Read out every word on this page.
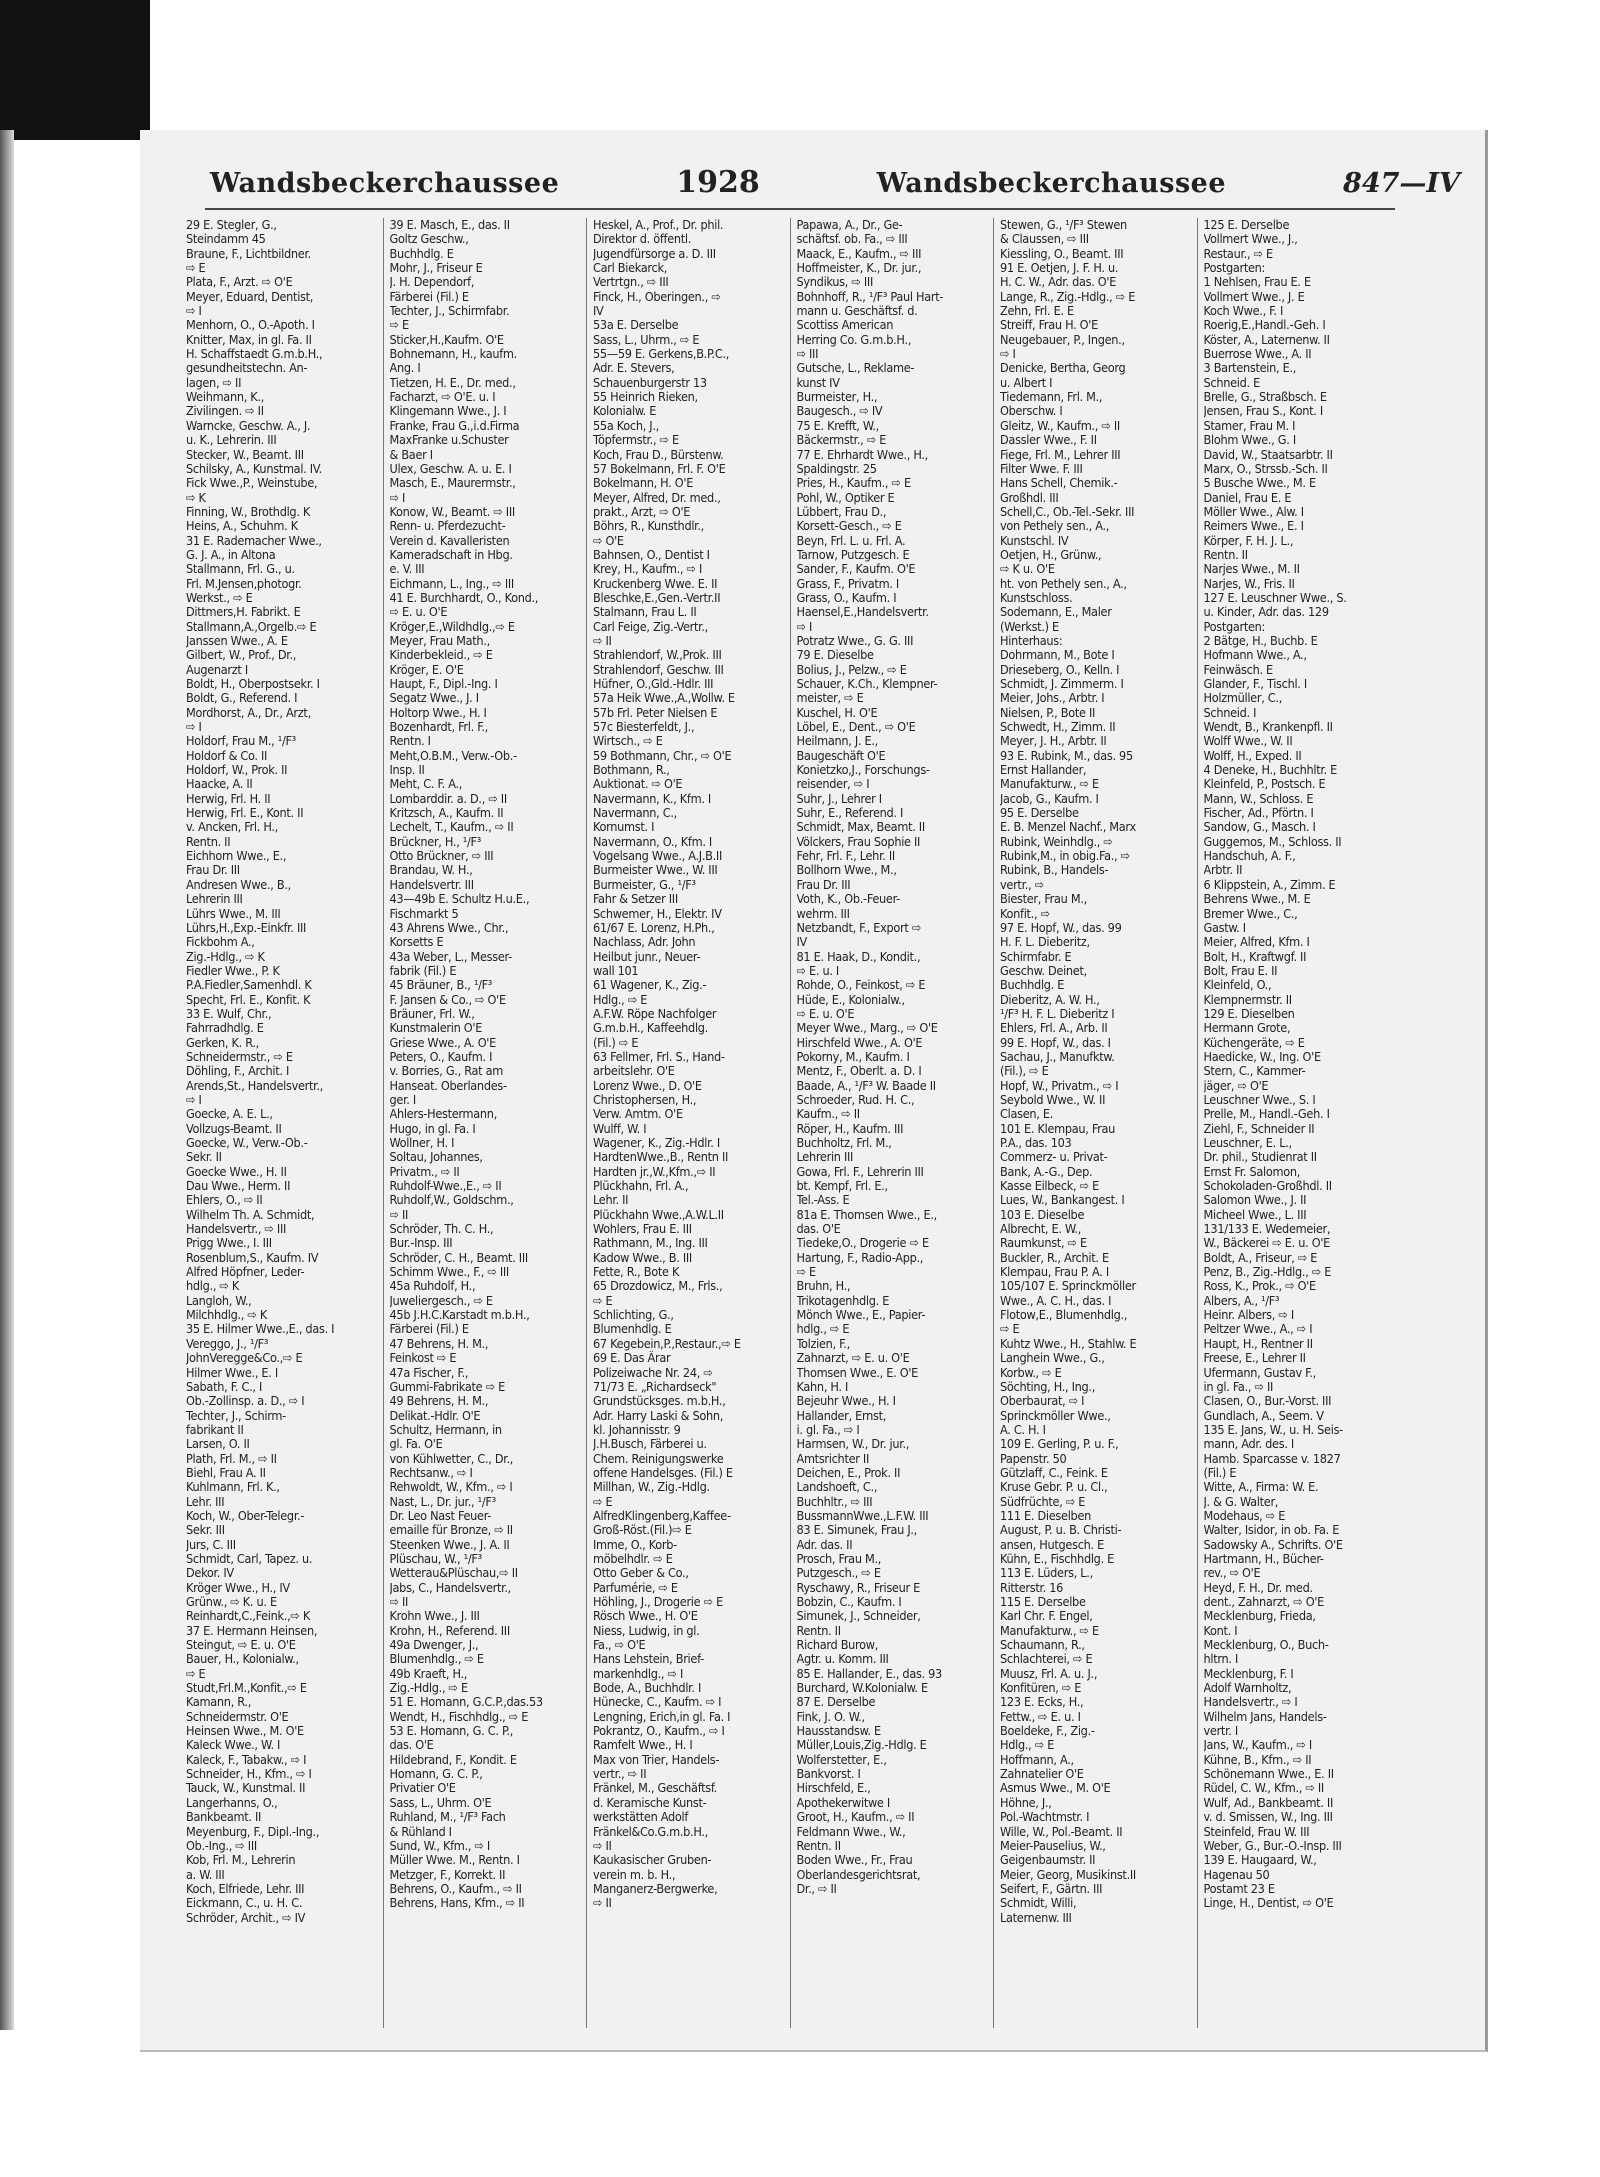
Wandsbeckerchaussee	1928	Wandsbeckerchaussee	847—IV
29 E. Stegler, G.,
Steindamm 45
Braune, F., Lichtbildner.
⇨ E
Plata, F., Arzt. ⇨ O'E
Meyer, Eduard, Dentist,
⇨ I
Menhorn, O., O.-Apoth. I
Knitter, Max, in gl. Fa. II
H. Schaffstaedt G.m.b.H.,
gesundheitstechn. An-
lagen, ⇨ II
Weihmann, K.,
Zivilingen. ⇨ II
Warncke, Geschw. A., J.
u. K., Lehrerin. III
Stecker, W., Beamt. III
Schilsky, A., Kunstmal. IV.
Fick Wwe.,P., Weinstube,
⇨ K
Finning, W., Brothdlg. K
Heins, A., Schuhm. K
31 E. Rademacher Wwe.,
G. J. A., in Altona
Stallmann, Frl. G., u.
Frl. M.Jensen,photogr.
Werkst., ⇨ E
Dittmers,H. Fabrikt. E
Stallmann,A.,Orgelb.⇨ E
Janssen Wwe., A. E
Gilbert, W., Prof., Dr.,
Augenarzt I
Boldt, H., Oberpostsekr. I
Boldt, G., Referend. I
Mordhorst, A., Dr., Arzt,
⇨ I
Holdorf, Frau M., ¹/F³
Holdorf & Co. II
Holdorf, W., Prok. II
Haacke, A. II
Herwig, Frl. H. II
Herwig, Frl. E., Kont. II
v. Ancken, Frl. H.,
Rentn. II
Eichhorn Wwe., E.,
Frau Dr. III
Andresen Wwe., B.,
Lehrerin III
Lührs Wwe., M. III
Lührs,H.,Exp.-Einkfr. III
Fickbohm A.,
Zig.-Hdlg., ⇨ K
Fiedler Wwe., P. K
P.A.Fiedler,Samenhdl. K
Specht, Frl. E., Konfit. K
33 E. Wulf, Chr.,
Fahrradhdlg. E
Gerken, K. R.,
Schneidermstr., ⇨ E
Döhling, F., Archit. I
Arends,St., Handelsvertr.,
⇨ I
Goecke, A. E. L.,
Vollzugs-Beamt. II
Goecke, W., Verw.-Ob.-
Sekr. II
Goecke Wwe., H. II
Dau Wwe., Herm. II
Ehlers, O., ⇨ II
Wilhelm Th. A. Schmidt,
Handelsvertr., ⇨ III
Prigg Wwe., I. III
Rosenblum,S., Kaufm. IV
Alfred Höpfner, Leder-
hdlg., ⇨ K
Langloh, W.,
Milchhdlg., ⇨ K
35 E. Hilmer Wwe.,E., das. I
Vereggo, J., ¹/F³
JohnVeregge&Co.,⇨ E
Hilmer Wwe., E. I
Sabath, F. C., I
Ob.-Zollinsp. a. D., ⇨ I
Techter, J., Schirm-
fabrikant II
Larsen, O. II
Plath, Frl. M., ⇨ II
Biehl, Frau A. II
Kuhlmann, Frl. K.,
Lehr. III
Koch, W., Ober-Telegr.-
Sekr. III
Jurs, C. III
Schmidt, Carl, Tapez. u.
Dekor. IV
Kröger Wwe., H., IV
Grünw., ⇨ K. u. E
Reinhardt,C.,Feink.,⇨ K
37 E. Hermann Heinsen,
Steingut, ⇨ E. u. O'E
Bauer, H., Kolonialw.,
⇨ E
Studt,Frl.M.,Konfit.,⇨ E
Kamann, R.,
Schneidermstr. O'E
Heinsen Wwe., M. O'E
Kaleck Wwe., W. I
Kaleck, F., Tabakw., ⇨ I
Schneider, H., Kfm., ⇨ I
Tauck, W., Kunstmal. II
Langerhanns, O.,
Bankbeamt. II
Meyenburg, F., Dipl.-Ing.,
Ob.-Ing., ⇨ III
Kob, Frl. M., Lehrerin
a. W. III
Koch, Elfriede, Lehr. III
Eickmann, C., u. H. C.
Schröder, Archit., ⇨ IV
39 E. Masch, E., das. II
Goltz Geschw.,
Buchhdlg. E
Mohr, J., Friseur E
J. H. Dependorf,
Färberei (Fil.) E
Techter, J., Schirmfabr.
⇨ E
Sticker,H.,Kaufm. O'E
Bohnemann, H., kaufm.
Ang. I
Tietzen, H. E., Dr. med.,
Facharzt, ⇨ O'E. u. I
Klingemann Wwe., J. I
Franke, Frau G.,i.d.Firma
MaxFranke u.Schuster
& Baer I
Ulex, Geschw. A. u. E. I
Masch, E., Maurermstr.,
⇨ I
Konow, W., Beamt. ⇨ III
Renn- u. Pferdezucht-
Verein d. Kavalleristen
Kameradschaft in Hbg.
e. V. III
Eichmann, L., Ing., ⇨ III
41 E. Burchhardt, O., Kond.,
⇨ E. u. O'E
Kröger,E.,Wildhdlg.,⇨ E
Meyer, Frau Math.,
Kinderbekleid., ⇨ E
Kröger, E. O'E
Haupt, F., Dipl.-Ing. I
Segatz Wwe., J. I
Holtorp Wwe., H. I
Bozenhardt, Frl. F.,
Rentn. I
Meht,O.B.M., Verw.-Ob.-
Insp. II
Meht, C. F. A.,
Lombarddir. a. D., ⇨ II
Kritzsch, A., Kaufm. II
Lechelt, T., Kaufm., ⇨ II
Brückner, H., ¹/F³
Otto Brückner, ⇨ III
Brandau, W. H.,
Handelsvertr. III
43—49b E. Schultz H.u.E.,
Fischmarkt 5
43 Ahrens Wwe., Chr.,
Korsetts E
43a Weber, L., Messer-
fabrik (Fil.) E
45 Bräuner, B., ¹/F³
F. Jansen & Co., ⇨ O'E
Bräuner, Frl. W.,
Kunstmalerin O'E
Griese Wwe., A. O'E
Peters, O., Kaufm. I
v. Borries, G., Rat am
Hanseat. Oberlandes-
ger. I
Ahlers-Hestermann,
Hugo, in gl. Fa. I
Wollner, H. I
Soltau, Johannes,
Privatm., ⇨ II
Ruhdolf-Wwe.,E., ⇨ II
Ruhdolf,W., Goldschm.,
⇨ II
Schröder, Th. C. H.,
Bur.-Insp. III
Schröder, C. H., Beamt. III
Schimm Wwe., F., ⇨ III
45a Ruhdolf, H.,
Juweliergesch., ⇨ E
45b J.H.C.Karstadt m.b.H.,
Färberei (Fil.) E
47 Behrens, H. M.,
Feinkost ⇨ E
47a Fischer, F.,
Gummi-Fabrikate ⇨ E
49 Behrens, H. M.,
Delikat.-Hdlr. O'E
Schultz, Hermann, in
gl. Fa. O'E
von Kühlwetter, C., Dr.,
Rechtsanw., ⇨ I
Rehwoldt, W., Kfm., ⇨ I
Nast, L., Dr. jur., ¹/F³
Dr. Leo Nast Feuer-
emaille für Bronze, ⇨ II
Steenken Wwe., J. A. II
Plüschau, W., ¹/F³
Wetterau&Plüschau,⇨ II
Jabs, C., Handelsvertr.,
⇨ II
Krohn Wwe., J. III
Krohn, H., Referend. III
49a Dwenger, J.,
Blumenhdlg., ⇨ E
49b Kraeft, H.,
Zig.-Hdlg., ⇨ E
51 E. Homann, G.C.P.,das.53
Wendt, H., Fischhdlg., ⇨ E
53 E. Homann, G. C. P.,
das. O'E
Hildebrand, F., Kondit. E
Homann, G. C. P.,
Privatier O'E
Sass, L., Uhrm. O'E
Ruhland, M., ¹/F³ Fach
& Rühland I
Sund, W., Kfm., ⇨ I
Müller Wwe. M., Rentn. I
Metzger, F., Korrekt. II
Behrens, O., Kaufm., ⇨ II
Behrens, Hans, Kfm., ⇨ II
Heskel, A., Prof., Dr. phil.
Direktor d. öffentl.
Jugendfürsorge a. D. III
Carl Biekarck,
Vertrtgn., ⇨ III
Finck, H., Oberingen., ⇨
IV
53a E. Derselbe
Sass, L., Uhrm., ⇨ E
55—59 E. Gerkens,B.P.C.,
Adr. E. Stevers,
Schauenburgerstr 13
55 Heinrich Rieken,
Kolonialw. E
55a Koch, J.,
Töpfermstr., ⇨ E
Koch, Frau D., Bürstenw.
57 Bokelmann, Frl. F. O'E
Bokelmann, H. O'E
Meyer, Alfred, Dr. med.,
prakt., Arzt, ⇨ O'E
Böhrs, R., Kunsthdlr.,
⇨ O'E
Bahnsen, O., Dentist I
Krey, H., Kaufm., ⇨ I
Kruckenberg Wwe. E. II
Bleschke,E.,Gen.-Vertr.II
Stalmann, Frau L. II
Carl Feige, Zig.-Vertr.,
⇨ II
Strahlendorf, W.,Prok. III
Strahlendorf, Geschw. III
Hüfner, O.,Gld.-Hdlr. III
57a Heik Wwe.,A.,Wollw. E
57b Frl. Peter Nielsen E
57c Biesterfeldt, J.,
Wirtsch., ⇨ E
59 Bothmann, Chr., ⇨ O'E
Bothmann, R.,
Auktionat. ⇨ O'E
Navermann, K., Kfm. I
Navermann, C.,
Kornumst. I
Navermann, O., Kfm. I
Vogelsang Wwe., A.J.B.II
Burmeister Wwe., W. III
Burmeister, G., ¹/F³
Fahr & Setzer III
Schwemer, H., Elektr. IV
61/67 E. Lorenz, H.Ph.,
Nachlass, Adr. John
Heilbut junr., Neuer-
wall 101
61 Wagener, K., Zig.-
Hdlg., ⇨ E
A.F.W. Röpe Nachfolger
G.m.b.H., Kaffeehdlg.
(Fil.) ⇨ E
63 Fellmer, Frl. S., Hand-
arbeitslehr. O'E
Lorenz Wwe., D. O'E
Christophersen, H.,
Verw. Amtm. O'E
Wulff, W. I
Wagener, K., Zig.-Hdlr. I
HardtenWwe.,B., Rentn II
Hardten jr.,W.,Kfm.,⇨ II
Plückhahn, Frl. A.,
Lehr. II
Plückhahn Wwe.,A.W.L.II
Wohlers, Frau E. III
Rathmann, M., Ing. III
Kadow Wwe., B. III
Fette, R., Bote K
65 Drozdowicz, M., Frls.,
⇨ E
Schlichting, G.,
Blumenhdlg. E
67 Kegebein,P.,Restaur.,⇨ E
69 E. Das Ärar
Polizeiwache Nr. 24, ⇨
71/73 E. „Richardseck"
Grundstücksges. m.b.H.,
Adr. Harry Laski & Sohn,
kl. Johannisstr. 9
J.H.Busch, Färberei u.
Chem. Reinigungswerke
offene Handelsges. (Fil.) E
Millhan, W., Zig.-Hdlg.
⇨ E
AlfredKlingenberg,Kaffee-
Groß-Röst.(Fil.)⇨ E
Imme, O., Korb-
möbelhdlr. ⇨ E
Otto Geber & Co.,
Parfumérie, ⇨ E
Höhling, J., Drogerie ⇨ E
Rösch Wwe., H. O'E
Niess, Ludwig, in gl.
Fa., ⇨ O'E
Hans Lehstein, Brief-
markenhdlg., ⇨ I
Bode, A., Buchhdlr. I
Hünecke, C., Kaufm. ⇨ I
Lengning, Erich,in gl. Fa. I
Pokrantz, O., Kaufm., ⇨ I
Ramfelt Wwe., H. I
Max von Trier, Handels-
vertr., ⇨ II
Fränkel, M., Geschäftsf.
d. Keramische Kunst-
werkstätten Adolf
Fränkel&Co.G.m.b.H.,
⇨ II
Kaukasischer Gruben-
verein m. b. H.,
Manganerz-Bergwerke,
⇨ II
Papawa, A., Dr., Ge-
schäftsf. ob. Fa., ⇨ III
Maack, E., Kaufm., ⇨ III
Hoffmeister, K., Dr. jur.,
Syndikus, ⇨ III
Bohnhoff, R., ¹/F³ Paul Hart-
mann u. Geschäftsf. d.
Scottiss American
Herring Co. G.m.b.H.,
⇨ III
Gutsche, L., Reklame-
kunst IV
Burmeister, H.,
Baugesch., ⇨ IV
75 E. Krefft, W.,
Bäckermstr., ⇨ E
77 E. Ehrhardt Wwe., H.,
Spaldingstr. 25
Pries, H., Kaufm., ⇨ E
Pohl, W., Optiker E
Lübbert, Frau D.,
Korsett-Gesch., ⇨ E
Beyn, Frl. L. u. Frl. A.
Tarnow, Putzgesch. E
Sander, F., Kaufm. O'E
Grass, F., Privatm. I
Grass, O., Kaufm. I
Haensel,E.,Handelsvertr.
⇨ I
Potratz Wwe., G. G. III
79 E. Dieselbe
Bolius, J., Pelzw., ⇨ E
Schauer, K.Ch., Klempner-
meister, ⇨ E
Kuschel, H. O'E
Löbel, E., Dent., ⇨ O'E
Heilmann, J. E.,
Baugeschäft O'E
Konietzko,J., Forschungs-
reisender, ⇨ I
Suhr, J., Lehrer I
Suhr, E., Referend. I
Schmidt, Max, Beamt. II
Völckers, Frau Sophie II
Fehr, Frl. F., Lehr. II
Bollhorn Wwe., M.,
Frau Dr. III
Voth, K., Ob.-Feuer-
wehrm. III
Netzbandt, F., Export ⇨
IV
81 E. Haak, D., Kondit.,
⇨ E. u. I
Rohde, O., Feinkost, ⇨ E
Hüde, E., Kolonialw.,
⇨ E. u. O'E
Meyer Wwe., Marg., ⇨ O'E
Hirschfeld Wwe., A. O'E
Pokorny, M., Kaufm. I
Mentz, F., Oberlt. a. D. I
Baade, A., ¹/F³ W. Baade II
Schroeder, Rud. H. C.,
Kaufm., ⇨ II
Röper, H., Kaufm. III
Buchholtz, Frl. M.,
Lehrerin III
Gowa, Frl. F., Lehrerin III
bt. Kempf, Frl. E.,
Tel.-Ass. E
81a E. Thomsen Wwe., E.,
das. O'E
Tiedeke,O., Drogerie ⇨ E
Hartung, F., Radio-App.,
⇨ E
Bruhn, H.,
Trikotagenhdlg. E
Mönch Wwe., E., Papier-
hdlg., ⇨ E
Tolzien, F.,
Zahnarzt, ⇨ E. u. O'E
Thomsen Wwe., E. O'E
Kahn, H. I
Bejeuhr Wwe., H. I
Hallander, Ernst,
i. gl. Fa., ⇨ I
Harmsen, W., Dr. jur.,
Amtsrichter II
Deichen, E., Prok. II
Landshoeft, C.,
Buchhltr., ⇨ III
BussmannWwe.,L.F.W. III
83 E. Simunek, Frau J.,
Adr. das. II
Prosch, Frau M.,
Putzgesch., ⇨ E
Ryschawy, R., Friseur E
Bobzin, C., Kaufm. I
Simunek, J., Schneider,
Rentn. II
Richard Burow,
Agtr. u. Komm. III
85 E. Hallander, E., das. 93
Burchard, W.Kolonialw. E
87 E. Derselbe
Fink, J. O. W.,
Hausstandsw. E
Müller,Louis,Zig.-Hdlg. E
Wolferstetter, E.,
Bankvorst. I
Hirschfeld, E.,
Apothekerwitwe I
Groot, H., Kaufm., ⇨ II
Feldmann Wwe., W.,
Rentn. II
Boden Wwe., Fr., Frau
Oberlandesgerichtsrat,
Dr., ⇨ II
Stewen, G., ¹/F³ Stewen
& Claussen, ⇨ III
Kiessling, O., Beamt. III
91 E. Oetjen, J. F. H. u.
H. C. W., Adr. das. O'E
Lange, R., Zig.-Hdlg., ⇨ E
Zehn, Frl. E. E
Streiff, Frau H. O'E
Neugebauer, P., Ingen.,
⇨ I
Denicke, Bertha, Georg
u. Albert I
Tiedemann, Frl. M.,
Oberschw. I
Gleitz, W., Kaufm., ⇨ II
Dassler Wwe., F. II
Fiege, Frl. M., Lehrer III
Filter Wwe. F. III
Hans Schell, Chemik.-
Großhdl. III
Schell,C., Ob.-Tel.-Sekr. III
von Pethely sen., A.,
Kunstschl. IV
Oetjen, H., Grünw.,
⇨ K u. O'E
ht. von Pethely sen., A.,
Kunstschloss.
Sodemann, E., Maler
(Werkst.) E
Hinterhaus:
Dohrmann, M., Bote I
Drieseberg, O., Kelln. I
Schmidt, J. Zimmerm. I
Meier, Johs., Arbtr. I
Nielsen, P., Bote II
Schwedt, H., Zimm. II
Meyer, J. H., Arbtr. II
93 E. Rubink, M., das. 95
Ernst Hallander,
Manufakturw., ⇨ E
Jacob, G., Kaufm. I
95 E. Derselbe
E. B. Menzel Nachf., Marx
Rubink, Weinhdlg., ⇨
Rubink,M., in obig.Fa., ⇨
Rubink, B., Handels-
vertr., ⇨
Biester, Frau M.,
Konfit., ⇨
97 E. Hopf, W., das. 99
H. F. L. Dieberitz,
Schirmfabr. E
Geschw. Deinet,
Buchhdlg. E
Dieberitz, A. W. H.,
¹/F³ H. F. L. Dieberitz I
Ehlers, Frl. A., Arb. II
99 E. Hopf, W., das. I
Sachau, J., Manufktw.
(Fil.), ⇨ E
Hopf, W., Privatm., ⇨ I
Seybold Wwe., W. II
Clasen, E.
101 E. Klempau, Frau
P.A., das. 103
Commerz- u. Privat-
Bank, A.-G., Dep.
Kasse Eilbeck, ⇨ E
Lues, W., Bankangest. I
103 E. Dieselbe
Albrecht, E. W.,
Raumkunst, ⇨ E
Buckler, R., Archit. E
Klempau, Frau P. A. I
105/107 E. Sprinckmöller
Wwe., A. C. H., das. I
Flotow,E., Blumenhdlg.,
⇨ E
Kuhtz Wwe., H., Stahlw. E
Langhein Wwe., G.,
Korbw., ⇨ E
Söchting, H., Ing.,
Oberbaurat, ⇨ I
Sprinckmöller Wwe.,
A. C. H. I
109 E. Gerling, P. u. F.,
Papenstr. 50
Gützlaff, C., Feink. E
Kruse Gebr. P. u. Cl.,
Südfrüchte, ⇨ E
111 E. Dieselben
August, P. u. B. Christi-
ansen, Hutgesch. E
Kühn, E., Fischhdlg. E
113 E. Lüders, L.,
Ritterstr. 16
115 E. Derselbe
Karl Chr. F. Engel,
Manufakturw., ⇨ E
Schaumann, R.,
Schlachterei, ⇨ E
Muusz, Frl. A. u. J.,
Konfitüren, ⇨ E
123 E. Ecks, H.,
Fettw., ⇨ E. u. I
Boeldeke, F., Zig.-
Hdlg., ⇨ E
Hoffmann, A.,
Zahnatelier O'E
Asmus Wwe., M. O'E
Höhne, J.,
Pol.-Wachtmstr. I
Wille, W., Pol.-Beamt. II
Meier-Pauselius, W.,
Geigenbaumstr. II
Meier, Georg, Musikinst.II
Seifert, F., Gärtn. III
Schmidt, Willi,
Laternenw. III
125 E. Derselbe
Vollmert Wwe., J.,
Restaur., ⇨ E
Postgarten:
1 Nehlsen, Frau E. E
Vollmert Wwe., J. E
Koch Wwe., F. I
Roerig,E.,Handl.-Geh. I
Köster, A., Laternenw. II
Buerrose Wwe., A. II
3 Bartenstein, E.,
Schneid. E
Brelle, G., Straßbsch. E
Jensen, Frau S., Kont. I
Stamer, Frau M. I
Blohm Wwe., G. I
David, W., Staatsarbtr. II
Marx, O., Strssb.-Sch. II
5 Busche Wwe., M. E
Daniel, Frau E. E
Möller Wwe., Alw. I
Reimers Wwe., E. I
Körper, F. H. J. L.,
Rentn. II
Narjes Wwe., M. II
Narjes, W., Fris. II
127 E. Leuschner Wwe., S.
u. Kinder, Adr. das. 129
Postgarten:
2 Bätge, H., Buchb. E
Hofmann Wwe., A.,
Feinwäsch. E
Glander, F., Tischl. I
Holzmüller, C.,
Schneid. I
Wendt, B., Krankenpfl. II
Wolff Wwe., W. II
Wolff, H., Exped. II
4 Deneke, H., Buchhltr. E
Kleinfeld, P., Postsch. E
Mann, W., Schloss. E
Fischer, Ad., Pförtn. I
Sandow, G., Masch. I
Guggemos, M., Schloss. II
Handschuh, A. F.,
Arbtr. II
6 Klippstein, A., Zimm. E
Behrens Wwe., M. E
Bremer Wwe., C.,
Gastw. I
Meier, Alfred, Kfm. I
Bolt, H., Kraftwgf. II
Bolt, Frau E. II
Kleinfeld, O.,
Klempnermstr. II
129 E. Dieselben
Hermann Grote,
Küchengeräte, ⇨ E
Haedicke, W., Ing. O'E
Stern, C., Kammer-
jäger, ⇨ O'E
Leuschner Wwe., S. I
Prelle, M., Handl.-Geh. I
Ziehl, F., Schneider II
Leuschner, E. L.,
Dr. phil., Studienrat II
Ernst Fr. Salomon,
Schokoladen-Großhdl. II
Salomon Wwe., J. II
Micheel Wwe., L. III
131/133 E. Wedemeier,
W., Bäckerei ⇨ E. u. O'E
Boldt, A., Friseur, ⇨ E
Penz, B., Zig.-Hdlg., ⇨ E
Ross, K., Prok., ⇨ O'E
Albers, A., ¹/F³
Heinr. Albers, ⇨ I
Peltzer Wwe., A., ⇨ I
Haupt, H., Rentner II
Freese, E., Lehrer II
Ufermann, Gustav F.,
in gl. Fa., ⇨ II
Clasen, O., Bur.-Vorst. III
Gundlach, A., Seem. V
135 E. Jans, W., u. H. Seis-
mann, Adr. des. I
Hamb. Sparcasse v. 1827
(Fil.) E
Witte, A., Firma: W. E.
J. & G. Walter,
Modehaus, ⇨ E
Walter, Isidor, in ob. Fa. E
Sadowsky A., Schrifts. O'E
Hartmann, H., Bücher-
rev., ⇨ O'E
Heyd, F. H., Dr. med.
dent., Zahnarzt, ⇨ O'E
Mecklenburg, Frieda,
Kont. I
Mecklenburg, O., Buch-
hltrn. I
Mecklenburg, F. I
Adolf Warnholtz,
Handelsvertr., ⇨ I
Wilhelm Jans, Handels-
vertr. I
Jans, W., Kaufm., ⇨ I
Kühne, B., Kfm., ⇨ II
Schönemann Wwe., E. II
Rüdel, C. W., Kfm., ⇨ II
Wulf, Ad., Bankbeamt. II
v. d. Smissen, W., Ing. III
Steinfeld, Frau W. III
Weber, G., Bur.-O.-Insp. III
139 E. Haugaard, W.,
Hagenau 50
Postamt 23 E
Linge, H., Dentist, ⇨ O'E
